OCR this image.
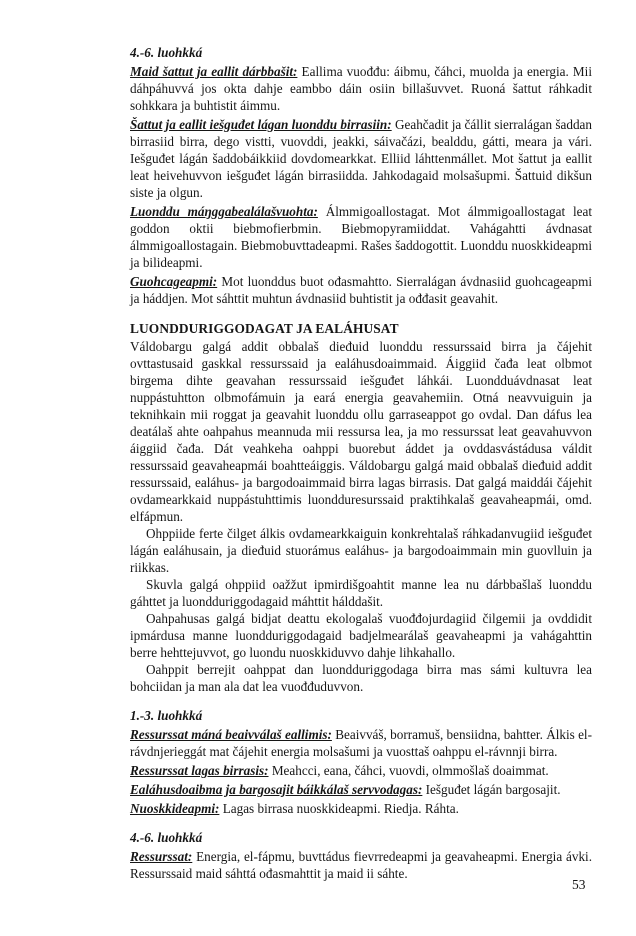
4.-6. luohkká

Maid šattut ja eallit dárbbašit: Eallima vuođđu: áibmu, čáhci, muolda ja energia. Mii dáhpáhuvvá jos okta dahje eambbo dáin osiin billašuvvet. Ruoná šattut ráhkadit sohkkara ja buhtistit áimmu.

Šattut ja eallit iešguđet lágan luonddu birrasiin: Geahčadit ja čállit sierralágan šaddan birrasiid birra, dego vistti, vuovddi, jeakki, sáivačázi, bealddu, gátti, meara ja vári. Iešguđet lágán šaddobáikkiid dovdomearkkat. Elliid láhttenmállet. Mot šattut ja eallit leat heivehuvvon iešguđet lágán birrasiidda. Jahkodagaid molsašupmi. Šattuid dikšun siste ja olgun.

Luonddu máŋggabealálašvuohta: Álmmigoallostagat. Mot álmmigoallostagat leat goddon oktii biebmofierbmin. Biebmopyramiiddat. Vahágahtti ávdnasat álmmigoallostagain. Biebmobuvttadeapmi. Rašes šaddogottit. Luonddu nuoskkideapmi ja bilideapmi.

Guohcageapmi: Mot luonddus buot ođasmahtto. Sierralágan ávdnasiid guohcageapmi ja háddjen. Mot sáhttit muhtun ávdnasiid buhtistit ja ođđasit geavahit.

LUONDDURIGGODAGAT JA EALÁHUSAT

Váldobargu galgá addit obbalaš dieđuid luonddu ressurssaid birra ja čájehit ovttastusaid gaskkal ressurssaid ja ealáhusdoaimmaid. Áiggiid čađa leat olbmot birgema dihte geavahan ressurssaid iešguđet láhkái. Luondduávdnasat leat nuppástuhtton olbmofámuin ja eará energia geavahemiin. Otná neavvuiguin ja teknihkain mii roggat ja geavahit luonddu ollu garraseappot go ovdal. Dan dáfus lea deatálaš ahte oahpahus meannuda mii ressursa lea, ja mo ressurssat leat geavahuvvon áiggiid čađa. Dát veahkeha oahppi buorebut áddet ja ovddasvástádusa váldit ressurssaid geavaheapmái boahtteáiggis. Váldobargu galgá maid obbalaš dieđuid addit ressurssaid, ealáhus- ja bargodoaimmaid birra lagas birrasis. Dat galgá maiddái čájehit ovdamearkkaid nuppástuhttimis luondduresurssaid praktihkalaš geavaheapmái, omd. elfápmun.

Ohppiide ferte čilget álkis ovdamearkkaiguin konkrehtalaš ráhkadanvugiid iešguđet lágán ealáhusain, ja dieđuid stuorámus ealáhus- ja bargodoaimmain min guovlluin ja riikkas.

Skuvla galgá ohppiid oažžut ipmirdišgoahtit manne lea nu dárbbašlaš luonddu gáhttet ja luondduriggodagaid máhttit hálddašit.

Oahpahusas galgá bidjat deattu ekologalaš vuođđojurdagiid čilgemii ja ovddidit ipmárdusa manne luondduriggodagaid badjelmearálaš geavaheapmi ja vahágahttin berre hehttejuvvot, go luondu nuoskkiduvvo dahje lihkahallo.

Oahppit berrejit oahppat dan luondduriggodaga birra mas sámi kultuvra lea bohciidan ja man ala dat lea vuođđuduvvon.

1.-3. luohkká

Ressurssat máná beaivválaš eallimis: Beaivváš, borramuš, bensiidna, bahtter. Álkis el-rávdnjerieggát mat čájehit energia molsašumi ja vuosttaš oahppu el-rávnnji birra.

Ressurssat lagas birrasis: Meahcci, eana, čáhci, vuovdi, olmmošlaš doaimmat.

Ealáhusdoaibma ja bargosajit báikkálaš servvodagas: Iešguđet lágán bargosajit.

Nuoskkideapmi: Lagas birrasa nuoskkideapmi. Riedja. Ráhta.

4.-6. luohkká

Ressurssat: Energia, el-fápmu, buvttádus fievrredeapmi ja geavaheapmi. Energia ávki. Ressurssaid maid sáhttá ođasmahttit ja maid ii sáhte.

53
